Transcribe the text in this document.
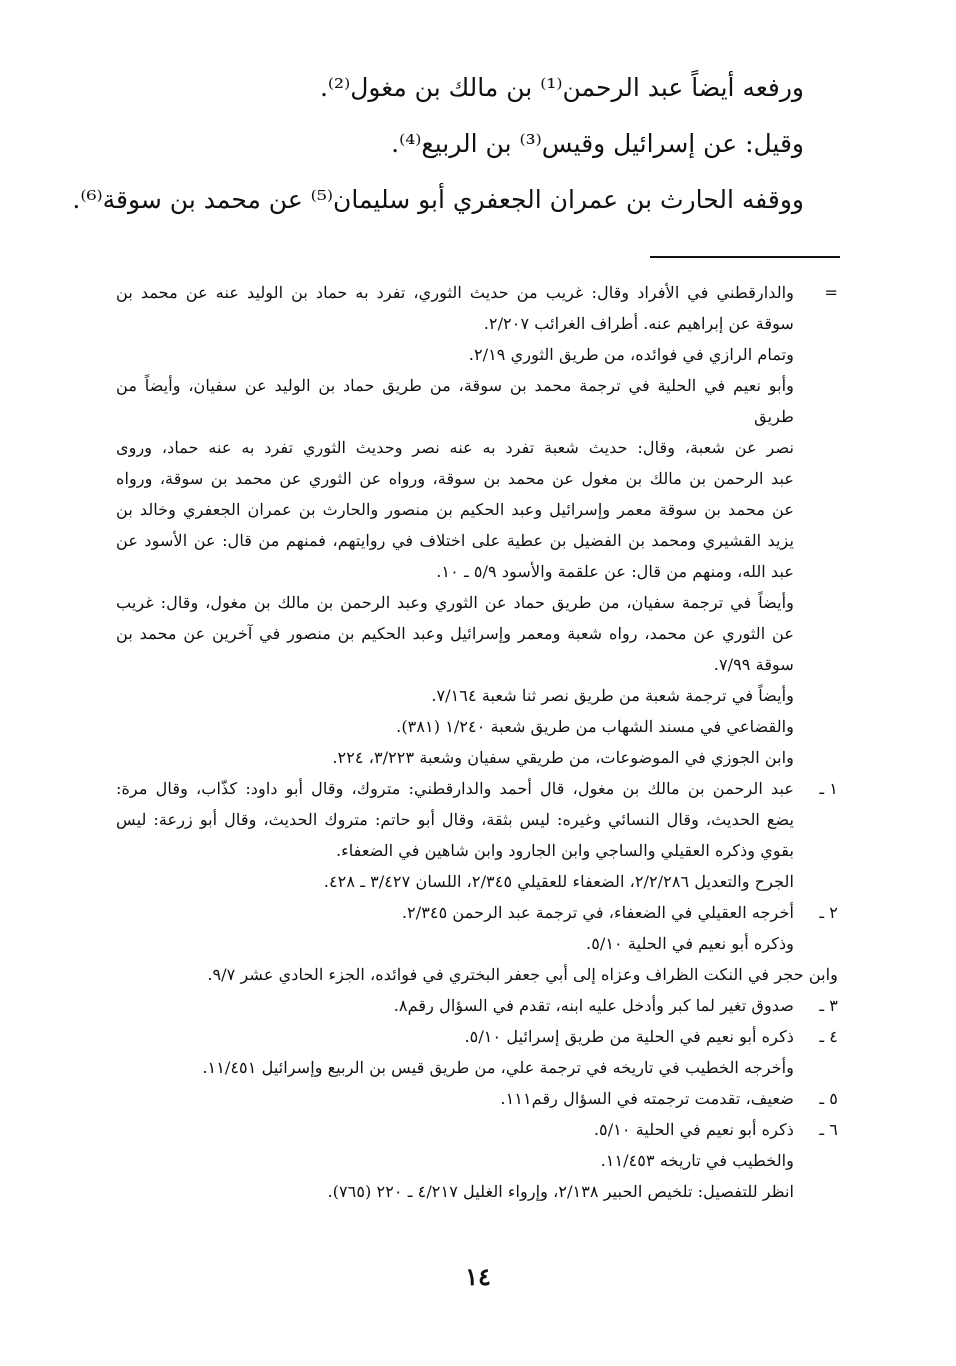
ورفعه أيضاً عبد الرحمن⁽¹⁾ بن مالك بن مغول⁽²⁾.

وقيل: عن إسرائيل وقيس⁽³⁾ بن الربيع⁽⁴⁾.

ووقفه الحارث بن عمران الجعفري أبو سليمان⁽⁵⁾ عن محمد بن سوقة⁽⁶⁾.

=

والدارقطني في الأفراد وقال: غريب من حديث الثوري، تفرد به حماد بن الوليد عنه عن محمد بن

سوقة عن إبراهيم عنه. أطراف الغرائب ٢/٢٠٧.

وتمام الرازي في فوائده، من طريق الثوري ٢/١٩.

وأبو نعيم في الحلية في ترجمة محمد بن سوقة، من طريق حماد بن الوليد عن سفيان، وأيضاً من طريق

نصر عن شعبة، وقال: حديث شعبة تفرد به عنه نصر وحديث الثوري تفرد به عنه حماد، وروى

عبد الرحمن بن مالك بن مغول عن محمد بن سوقة، ورواه عن الثوري عن محمد بن سوقة، ورواه

عن محمد بن سوقة معمر وإسرائيل وعبد الحكيم بن منصور والحارث بن عمران الجعفري وخالد بن

يزيد القشيري ومحمد بن الفضيل بن عطية على اختلاف في روايتهم، فمنهم من قال: عن الأسود عن

عبد الله، ومنهم من قال: عن علقمة والأسود ٥/٩ ـ ١٠.

وأيضاً في ترجمة سفيان، من طريق حماد عن الثوري وعبد الرحمن بن مالك بن مغول، وقال: غريب

عن الثوري عن محمد، رواه شعبة ومعمر وإسرائيل وعبد الحكيم بن منصور في آخرين عن محمد بن

سوقة ٧/٩٩.

وأيضاً في ترجمة شعبة من طريق نصر ثنا شعبة ٧/١٦٤.

والقضاعي في مسند الشهاب من طريق شعبة ١/٢٤٠ (٣٨١).

وابن الجوزي في الموضوعات، من طريقي سفيان وشعبة ٣/٢٢٣، ٢٢٤.

١ ـ

عبد الرحمن بن مالك بن مغول، قال أحمد والدارقطني: متروك، وقال أبو داود: كذّاب، وقال مرة:

يضع الحديث، وقال النسائي وغيره: ليس بثقة، وقال أبو حاتم: متروك الحديث، وقال أبو زرعة: ليس

بقوي وذكره العقيلي والساجي وابن الجارود وابن شاهين في الضعفاء.

الجرح والتعديل ٢/٢/٢٨٦، الضعفاء للعقيلي ٢/٣٤٥، اللسان ٣/٤٢٧ ـ ٤٢٨.

٢ ـ

أخرجه العقيلي في الضعفاء، في ترجمة عبد الرحمن ٢/٣٤٥.

وذكره أبو نعيم في الحلية ٥/١٠.

وابن حجر في النكت الظراف وعزاه إلى أبي جعفر البختري في فوائده، الجزء الحادي عشر ٩/٧.

٣ ـ

صدوق تغير لما كبر وأدخل عليه ابنه، تقدم في السؤال رقم٨.

٤ ـ

ذكره أبو نعيم في الحلية من طريق إسرائيل ٥/١٠.

وأخرجه الخطيب في تاريخه في ترجمة علي، من طريق قيس بن الربيع وإسرائيل ١١/٤٥١.

٥ ـ

ضعيف، تقدمت ترجمته في السؤال رقم١١١.

٦ ـ

ذكره أبو نعيم في الحلية ٥/١٠.

والخطيب في تاريخه ١١/٤٥٣.

انظر للتفصيل: تلخيص الحبير ٢/١٣٨، وإرواء الغليل ٤/٢١٧ ـ ٢٢٠ (٧٦٥).

١٤
